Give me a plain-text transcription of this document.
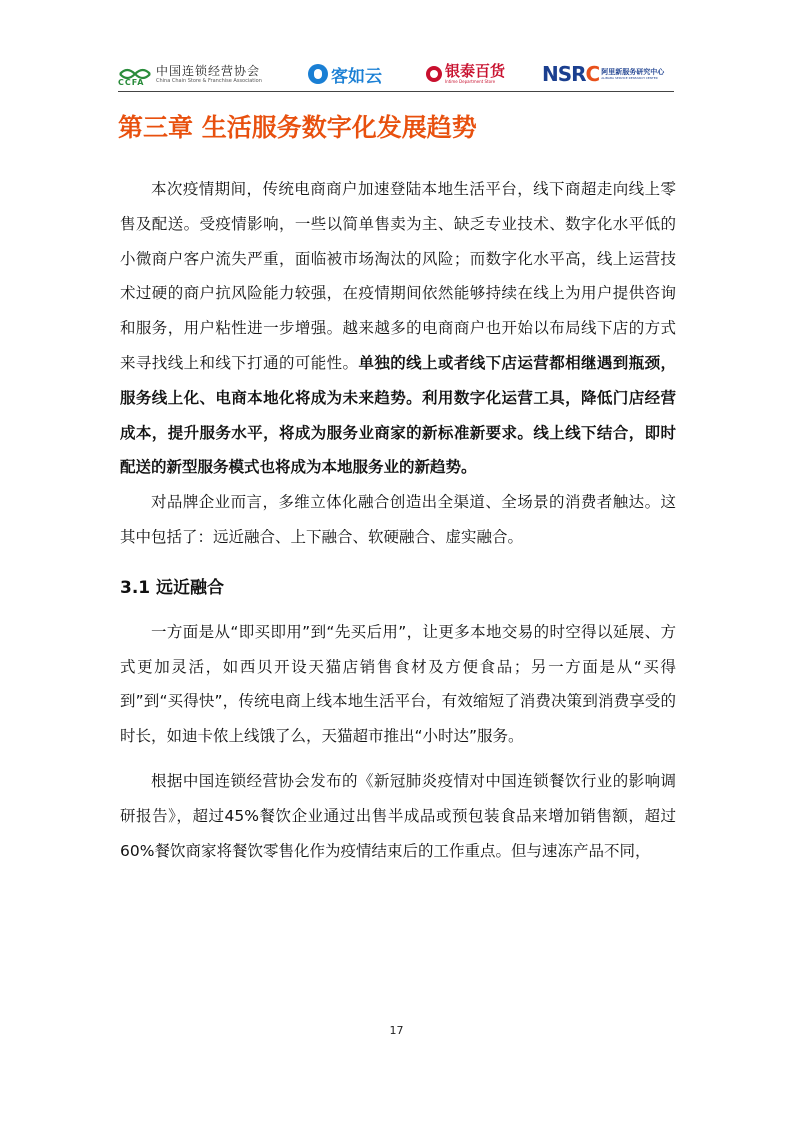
中国连锁经营协会
China Chain Store & Franchise Association
CCFA	客如云	银泰百货
Intime Department Store	NSRC 阿里新服务研究中心
ALIBABA SERVICE RESEARCH CENTER
第三章 生活服务数字化发展趋势

本次疫情期间，传统电商商户加速登陆本地生活平台，线下商超走向线上零售及配送。受疫情影响，一些以简单售卖为主、缺乏专业技术、数字化水平低的小微商户客户流失严重，面临被市场淘汰的风险；而数字化水平高，线上运营技术过硬的商户抗风险能力较强，在疫情期间依然能够持续在线上为用户提供咨询和服务，用户粘性进一步增强。越来越多的电商商户也开始以布局线下店的方式来寻找线上和线下打通的可能性。单独的线上或者线下店运营都相继遇到瓶颈，服务线上化、电商本地化将成为未来趋势。利用数字化运营工具，降低门店经营成本，提升服务水平，将成为服务业商家的新标准新要求。线上线下结合，即时配送的新型服务模式也将成为本地服务业的新趋势。

对品牌企业而言，多维立体化融合创造出全渠道、全场景的消费者触达。这其中包括了：远近融合、上下融合、软硬融合、虚实融合。

3.1 远近融合

一方面是从“即买即用”到“先买后用”，让更多本地交易的时空得以延展、方式更加灵活，如西贝开设天猫店销售食材及方便食品；另一方面是从“买得到”到“买得快”，传统电商上线本地生活平台，有效缩短了消费决策到消费享受的时长，如迪卡侬上线饿了么，天猫超市推出“小时达”服务。

根据中国连锁经营协会发布的《新冠肺炎疫情对中国连锁餐饮行业的影响调研报告》，超过45%餐饮企业通过出售半成品或预包装食品来增加销售额，超过60%餐饮商家将餐饮零售化作为疫情结束后的工作重点。但与速冻产品不同，

17
